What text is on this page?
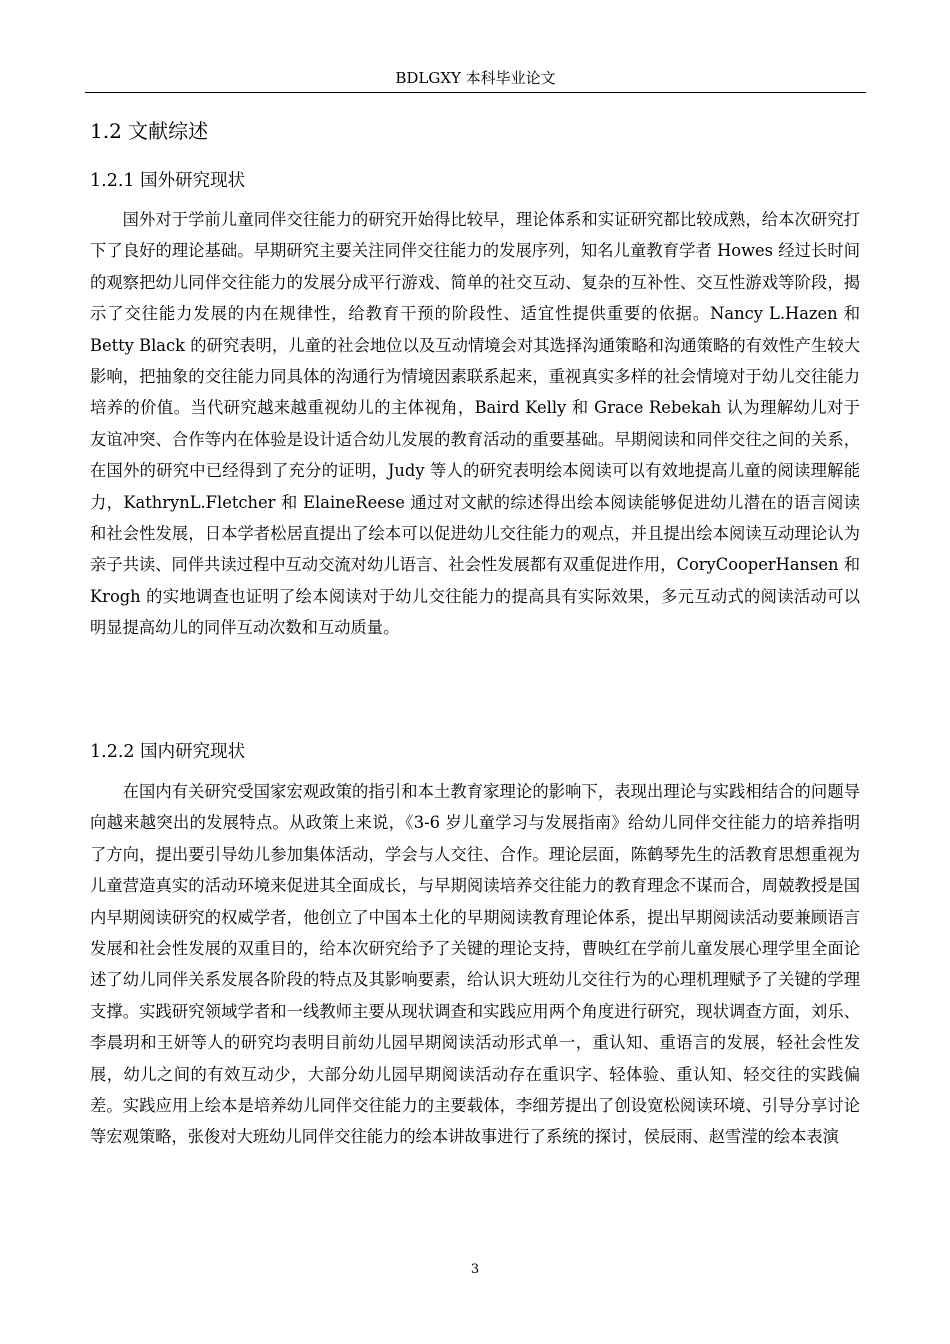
BDLGXY 本科毕业论文
1.2 文献综述
1.2.1 国外研究现状

国外对于学前儿童同伴交往能力的研究开始得比较早，理论体系和实证研究都比较成熟，给本次研究打下了良好的理论基础。早期研究主要关注同伴交往能力的发展序列，知名儿童教育学者 Howes 经过长时间的观察把幼儿同伴交往能力的发展分成平行游戏、简单的社交互动、复杂的互补性、交互性游戏等阶段，揭示了交往能力发展的内在规律性，给教育干预的阶段性、适宜性提供重要的依据。Nancy L.Hazen 和 Betty Black 的研究表明，儿童的社会地位以及互动情境会对其选择沟通策略和沟通策略的有效性产生较大影响，把抽象的交往能力同具体的沟通行为情境因素联系起来，重视真实多样的社会情境对于幼儿交往能力培养的价值。当代研究越来越重视幼儿的主体视角，Baird Kelly 和 Grace Rebekah 认为理解幼儿对于友谊冲突、合作等内在体验是设计适合幼儿发展的教育活动的重要基础。早期阅读和同伴交往之间的关系，在国外的研究中已经得到了充分的证明，Judy 等人的研究表明绘本阅读可以有效地提高儿童的阅读理解能力，KathrynL.Fletcher 和 ElaineReese 通过对文献的综述得出绘本阅读能够促进幼儿潜在的语言阅读和社会性发展，日本学者松居直提出了绘本可以促进幼儿交往能力的观点，并且提出绘本阅读互动理论认为亲子共读、同伴共读过程中互动交流对幼儿语言、社会性发展都有双重促进作用，CoryCooperHansen 和 Krogh 的实地调查也证明了绘本阅读对于幼儿交往能力的提高具有实际效果，多元互动式的阅读活动可以明显提高幼儿的同伴互动次数和互动质量。

1.2.2 国内研究现状

在国内有关研究受国家宏观政策的指引和本土教育家理论的影响下，表现出理论与实践相结合的问题导向越来越突出的发展特点。从政策上来说，《3-6 岁儿童学习与发展指南》给幼儿同伴交往能力的培养指明了方向，提出要引导幼儿参加集体活动，学会与人交往、合作。理论层面，陈鹤琴先生的活教育思想重视为儿童营造真实的活动环境来促进其全面成长，与早期阅读培养交往能力的教育理念不谋而合，周兢教授是国内早期阅读研究的权威学者，他创立了中国本土化的早期阅读教育理论体系，提出早期阅读活动要兼顾语言发展和社会性发展的双重目的，给本次研究给予了关键的理论支持，曹映红在学前儿童发展心理学里全面论述了幼儿同伴关系发展各阶段的特点及其影响要素，给认识大班幼儿交往行为的心理机理赋予了关键的学理支撑。实践研究领域学者和一线教师主要从现状调查和实践应用两个角度进行研究，现状调查方面，刘乐、李晨玥和王妍等人的研究均表明目前幼儿园早期阅读活动形式单一，重认知、重语言的发展，轻社会性发展，幼儿之间的有效互动少，大部分幼儿园早期阅读活动存在重识字、轻体验、重认知、轻交往的实践偏差。实践应用上绘本是培养幼儿同伴交往能力的主要载体，李细芳提出了创设宽松阅读环境、引导分享讨论等宏观策略，张俊对大班幼儿同伴交往能力的绘本讲故事进行了系统的探讨，侯辰雨、赵雪滢的绘本表演

3
